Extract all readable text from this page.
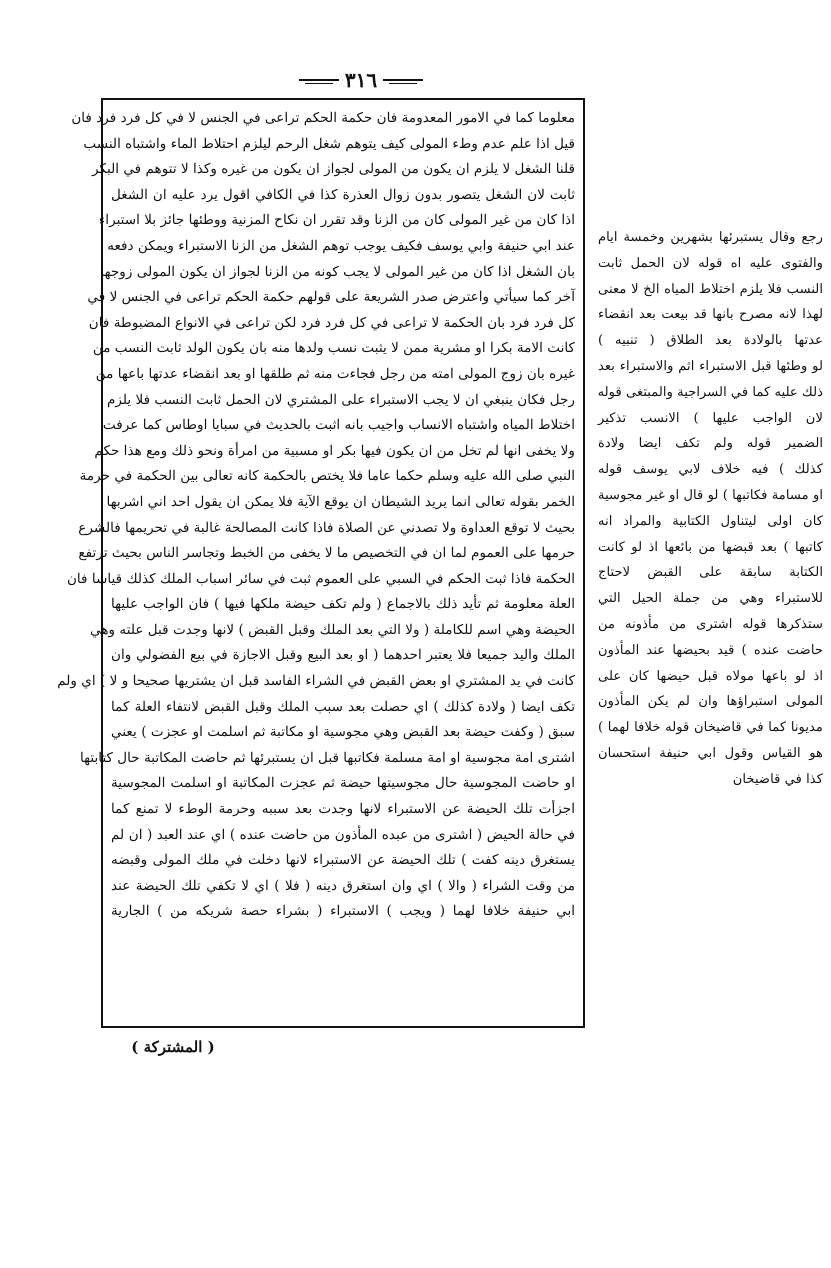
٣١٦
معلوما كما في الامور المعدومة فان حكمة الحكم تراعى في الجنس لا في كل فرد فرد فان
قيل اذا علم عدم وطء المولى كيف يتوهم شغل الرحم ليلزم احتلاط الماء واشتباه النسب
قلنا الشغل لا يلزم ان يكون من المولى لجواز ان يكون من غيره وكذا لا تتوهم في البكر
ثابت لان الشغل يتصور بدون زوال العذرة كذا في الكافي اقول يرد عليه ان الشغل
اذا كان من غير المولى كان من الزنا وقد تقرر ان نكاح المزنية ووطئها جائز بلا استبراء
عند ابي حنيفة وابي يوسف فكيف يوجب توهم الشغل من الزنا الاستبراء ويمكن دفعه
بان الشغل اذا كان من غير المولى لا يجب كونه من الزنا لجواز ان يكون المولى زوجها
آخر كما سيأتي واعترض صدر الشريعة على قولهم حكمة الحكم تراعى في الجنس لا في
كل فرد فرد بان الحكمة لا تراعى في كل فرد فرد لكن تراعى في الانواع المضبوطة فان
كانت الامة بكرا او مشرية ممن لا يثبت نسب ولدها منه بان يكون الولد ثابت النسب من
غيره بان زوج المولى امته من رجل فجاءت منه ثم طلقها او بعد انقضاء عدتها باعها من
رجل فكان ينبغي ان لا يجب الاستبراء على المشتري لان الحمل ثابت النسب فلا يلزم
اختلاط المياه واشتباه الانساب واجيب بانه اثبت بالحديث في سبايا اوطاس كما عرفت
ولا يخفى انها لم تخل من ان يكون فيها بكر او مسبية من امرأة ونحو ذلك ومع هذا حكم
النبي صلى الله عليه وسلم حكما عاما فلا يختص بالحكمة كانه تعالى بين الحكمة في حرمة
الخمر بقوله تعالى انما يريد الشيطان ان يوقع الآية فلا يمكن ان يقول احد اني اشربها
بحيث لا توقع العداوة ولا تصدني عن الصلاة فاذا كانت المصالحة غالبة في تحريمها فالشرع
حرمها على العموم لما ان في التخصيص ما لا يخفى من الخبط وتجاسر الناس بحيث ترتفع
الحكمة فاذا ثبت الحكم في السبي على العموم ثبت في سائر اسباب الملك كذلك قياسا فان
العلة معلومة ثم تأيد ذلك بالاجماع ( ولم تكف حيضة ملكها فيها ) فان الواجب عليها
الحيضة وهي اسم للكاملة ( ولا التي بعد الملك وقبل القبض ) لانها وجدت قبل علته وهي
الملك واليد جميعا فلا يعتبر احدهما ( او بعد البيع وقبل الاجازة في بيع الفضولي وان
كانت في يد المشتري او بعض القبض في الشراء الفاسد قبل ان يشتريها صحيحا و لا ) اي ولم
تكف ايضا ( ولادة كذلك ) اي حصلت بعد سبب الملك وقبل القبض لانتفاء العلة كما
سبق ( وكفت حيضة بعد القبض وهي مجوسية او مكاتبة ثم اسلمت او عجزت ) يعني
اشترى امة مجوسية او امة مسلمة فكاتبها قبل ان يستبرئها ثم حاضت المكاتبة حال كتابتها
او حاضت المجوسية حال مجوسيتها حيضة ثم عجزت المكاتبة او اسلمت المجوسية
اجزأت تلك الحيضة عن الاستبراء لانها وجدت بعد سببه وحرمة الوطء لا تمنع كما
في حالة الحيض ( اشترى من عبده المأذون من حاضت عنده ) اي عند العبد ( ان لم
يستغرق دينه كفت ) تلك الحيضة عن الاستبراء لانها دخلت في ملك المولى وقبضه
من وقت الشراء ( والا ) اي وان استغرق دينه ( فلا ) اي لا تكفي تلك الحيضة عند
ابي حنيفة خلافا لهما ( ويجب ) الاستبراء ( بشراء حصة شريكه من ) الجارية
رجع وقال يستبرئها بشهرين وخمسة ايام
والفتوى عليه اه قوله لان الحمل ثابت
النسب فلا يلزم اختلاط المياه الخ لا معنى
لهذا لانه مصرح بانها قد بيعت بعد انقضاء
عدتها بالولادة بعد الطلاق ( تنبيه )
لو وطئها قبل الاستبراء اثم والاستبراء بعد
ذلك عليه كما في السراجية والمبتغى قوله
لان الواجب عليها ) الانسب تذكير
الضمير قوله ولم تكف ايضا ولادة
كذلك ) فيه خلاف لابي يوسف قوله
او مسامة فكاتبها ) لو قال او غير مجوسية
كان اولى ليتناول الكتابية والمراد انه
كاتبها ) بعد قبضها من بائعها اذ لو كانت
الكتابة سابقة على القبض لاحتاج
للاستبراء وهي من جملة الحيل التي
ستذكرها قوله اشترى من مأذونه من
حاضت عنده ) قيد بحيضها عند المأذون
اذ لو باعها مولاه قبل حيضها كان على
المولى استبراؤها وان لم يكن المأذون
مديونا كما في قاضيخان قوله خلافا لهما )
هو القياس وقول ابي حنيفة استحسان
كذا في قاضيخان
( المشتركة )
